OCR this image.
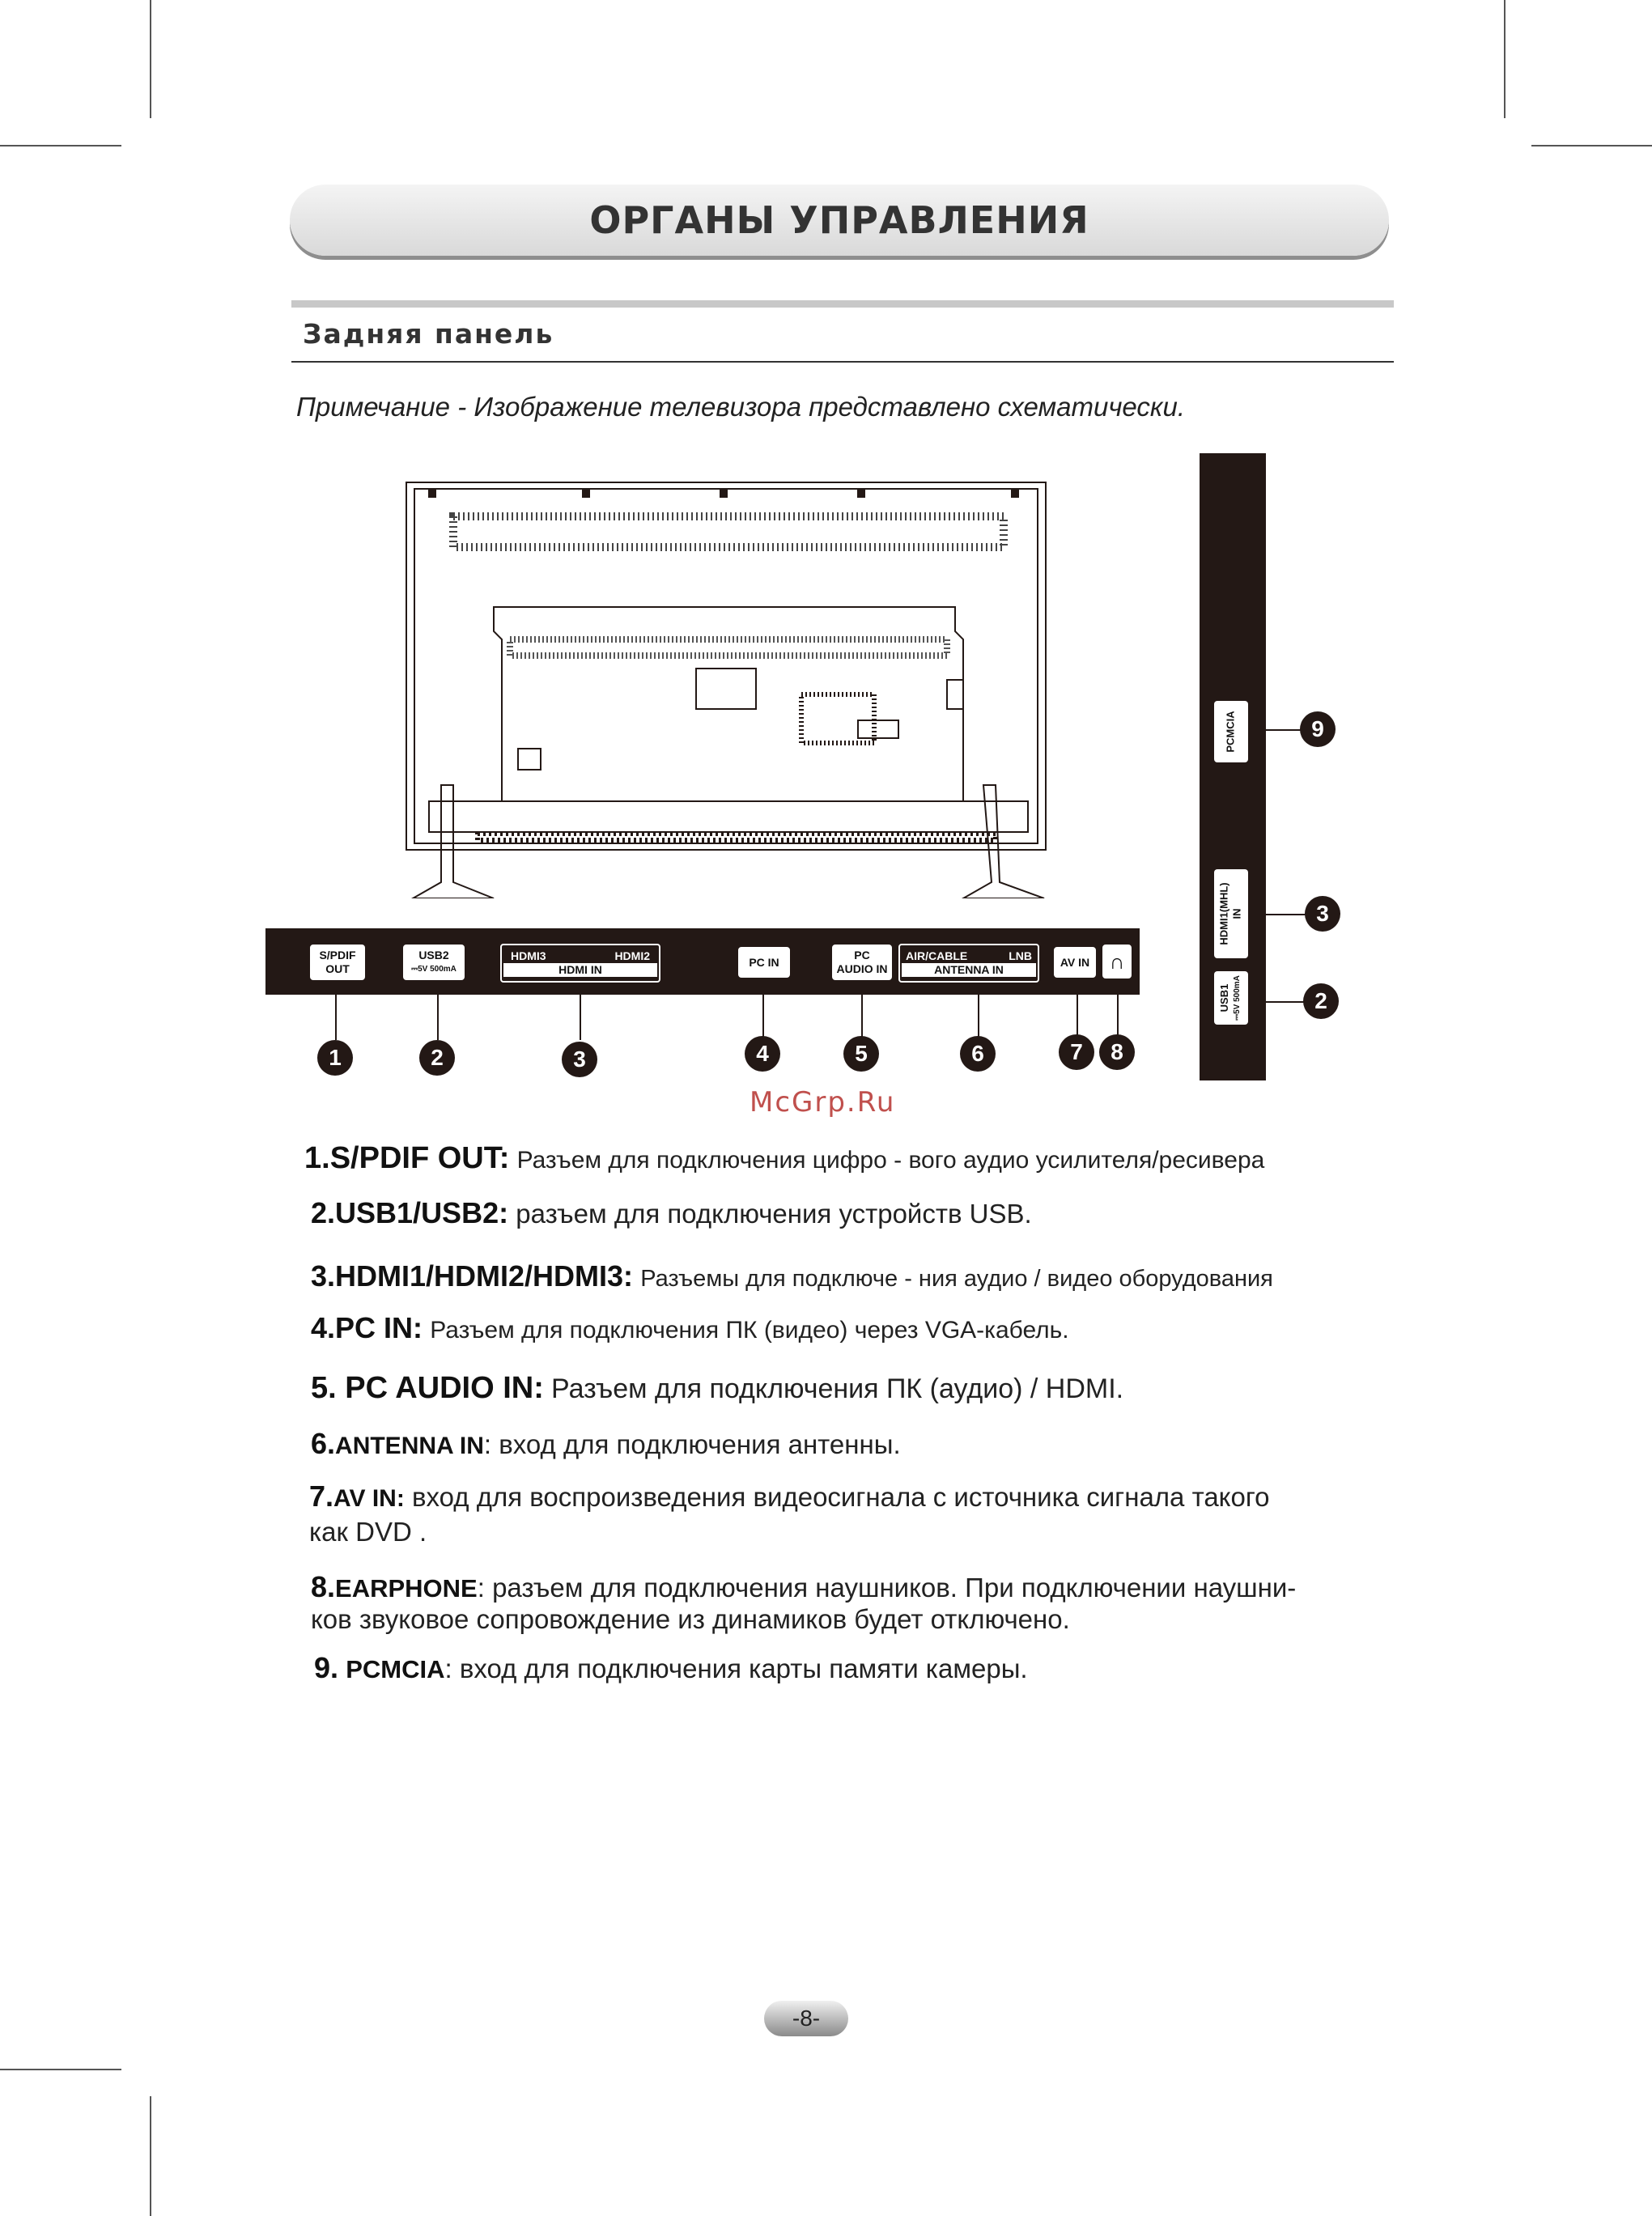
ОРГАНЫ УПРАВЛЕНИЯ
Задняя панель
Примечание - Изображение телевизора представлено схематически.
S/PDIF
OUT
USB2
⎓5V 500mA
HDMI3	HDMI2
HDMI IN
PC IN
PC
AUDIO IN
AIR/CABLE	LNB
ANTENNA IN
AV IN ∩
1	2	3	4	5	6	7	8
PCMCIA
HDMI1(MHL)
IN
USB1 ⎓5V 500mA
9
3
2
McGrp.Ru
1.S/PDIF OUT: Разъем для подключения цифро - вого аудио усилителя/ресивера
2.USB1/USB2: разъем для подключения устройств USB.
3.HDMI1/HDMI2/HDMI3: Разъемы для подключе - ния аудио / видео оборудования
4.PC IN: Разъем для подключения ПК (видео) через VGA-кабель.
5. PC AUDIO IN: Разъем для подключения ПК (аудио) / HDMI.
6.ANTENNA IN: вход для подключения антенны.
7.AV IN: вход для воспроизведения видеосигнала с источника сигнала такого
как DVD .
8.EARPHONE: разъем для подключения наушников. При подключении наушни-
ков звуковое сопровождение из динамиков будет отключено.
9. PCMCIA: вход для подключения карты памяти камеры.
-8-
